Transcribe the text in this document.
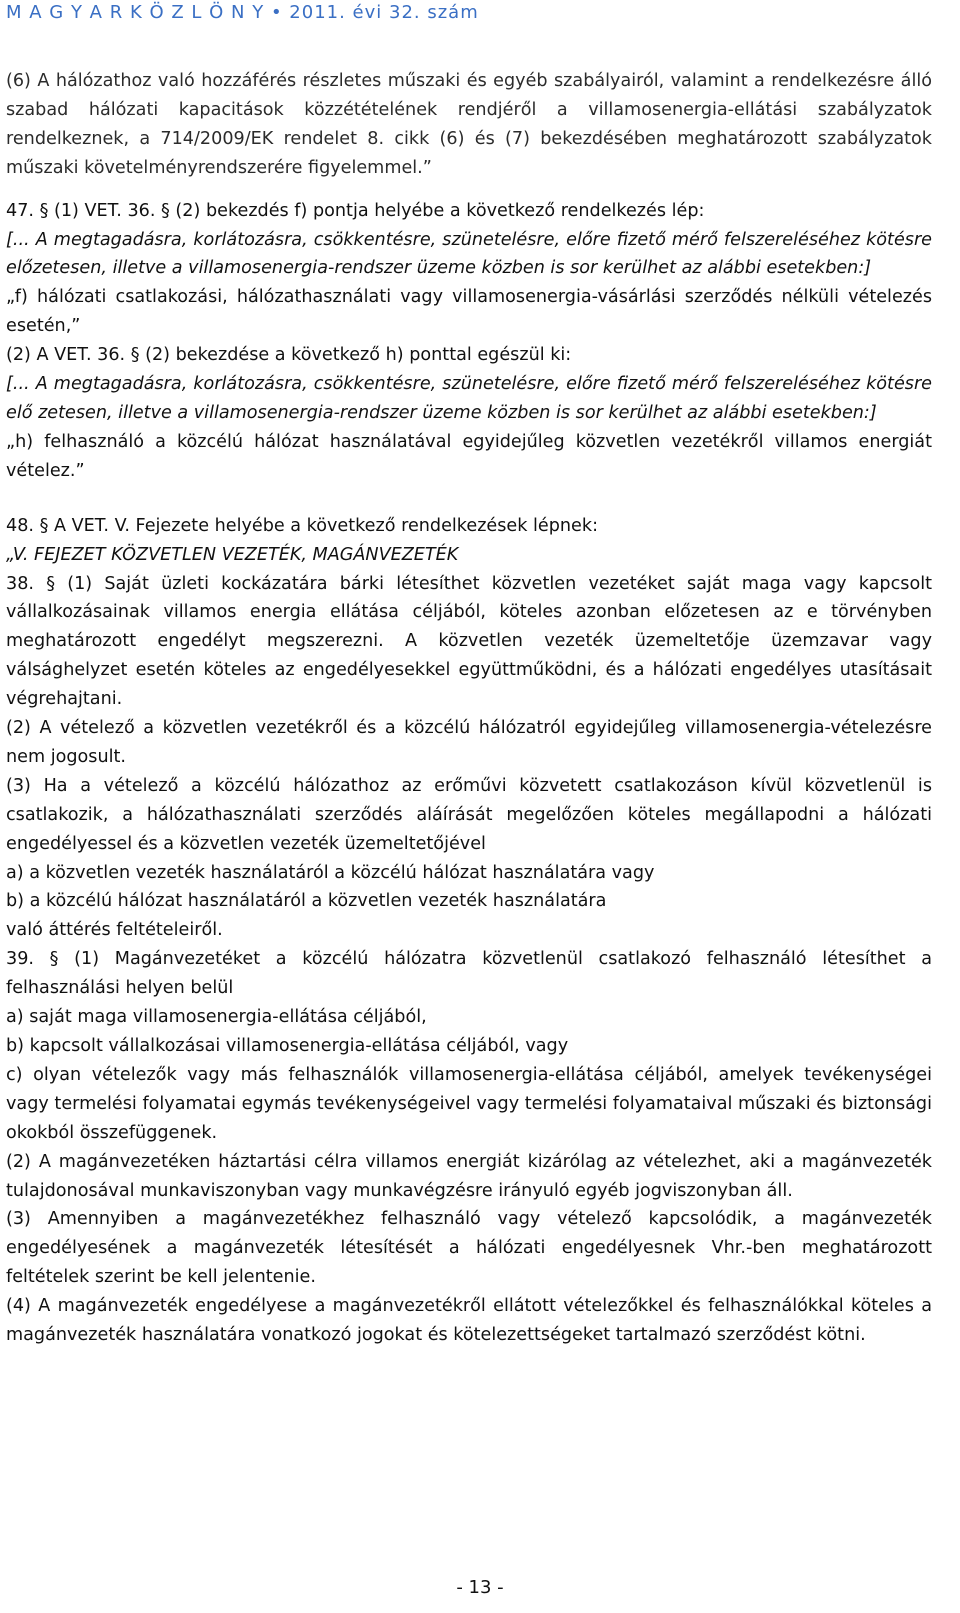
M A G Y A R K Ö Z L Ö N Y • 2011. évi 32. szám

(6) A hálózathoz való hozzáférés részletes műszaki és egyéb szabályairól, valamint a rendelkezésre álló szabad hálózati kapacitások közzétételének rendjéről a villamosenergia-ellátási szabályzatok rendelkeznek, a 714/2009/EK rendelet 8. cikk (6) és (7) bekezdésében meghatározott szabályzatok műszaki követelményrendszerére figyelemmel.”

47. § (1) VET. 36. § (2) bekezdés f) pontja helyébe a következő rendelkezés lép:

[... A megtagadásra, korlátozásra, csökkentésre, szünetelésre, előre fizető mérő felszereléséhez kötésre előzetesen, illetve a villamosenergia-rendszer üzeme közben is sor kerülhet az alábbi esetekben:]

„f) hálózati csatlakozási, hálózathasználati vagy villamosenergia-vásárlási szerződés nélküli vételezés esetén,”

(2) A VET. 36. § (2) bekezdése a következő h) ponttal egészül ki:

[... A megtagadásra, korlátozásra, csökkentésre, szünetelésre, előre fizető mérő felszereléséhez kötésre elő zetesen, illetve a villamosenergia-rendszer üzeme közben is sor kerülhet az alábbi esetekben:]

„h) felhasználó a közcélú hálózat használatával egyidejűleg közvetlen vezetékről villamos energiát vételez.”

48. § A VET. V. Fejezete helyébe a következő rendelkezések lépnek:

„V. FEJEZET KÖZVETLEN VEZETÉK, MAGÁNVEZETÉK

38. § (1) Saját üzleti kockázatára bárki létesíthet közvetlen vezetéket saját maga vagy kapcsolt vállalkozásainak villamos energia ellátása céljából, köteles azonban előzetesen az e törvényben meghatározott engedélyt megszerezni. A közvetlen vezeték üzemeltetője üzemzavar vagy válsághelyzet esetén köteles az engedélyesekkel együttműködni, és a hálózati engedélyes utasításait végrehajtani.

(2) A vételező a közvetlen vezetékről és a közcélú hálózatról egyidejűleg villamosenergia-vételezésre nem jogosult.

(3) Ha a vételező a közcélú hálózathoz az erőművi közvetett csatlakozáson kívül közvetlenül is csatlakozik, a hálózathasználati szerződés aláírását megelőzően köteles megállapodni a hálózati engedélyessel és a közvetlen vezeték üzemeltetőjével

a) a közvetlen vezeték használatáról a közcélú hálózat használatára vagy

b) a közcélú hálózat használatáról a közvetlen vezeték használatára

való áttérés feltételeiről.

39. § (1) Magánvezetéket a közcélú hálózatra közvetlenül csatlakozó felhasználó létesíthet a felhasználási helyen belül

a) saját maga villamosenergia-ellátása céljából,

b) kapcsolt vállalkozásai villamosenergia-ellátása céljából, vagy

c) olyan vételezők vagy más felhasználók villamosenergia-ellátása céljából, amelyek tevékenységei vagy termelési folyamatai egymás tevékenységeivel vagy termelési folyamataival műszaki és biztonsági okokból összefüggenek.

(2) A magánvezetéken háztartási célra villamos energiát kizárólag az vételezhet, aki a magánvezeték tulajdonosával munkaviszonyban vagy munkavégzésre irányuló egyéb jogviszonyban áll.

(3) Amennyiben a magánvezetékhez felhasználó vagy vételező kapcsolódik, a magánvezeték engedélyesének a magánvezeték létesítését a hálózati engedélyesnek Vhr.-ben meghatározott feltételek szerint be kell jelentenie.

(4) A magánvezeték engedélyese a magánvezetékről ellátott vételezőkkel és felhasználókkal köteles a magánvezeték használatára vonatkozó jogokat és kötelezettségeket tartalmazó szerződést kötni.

- 13 -
